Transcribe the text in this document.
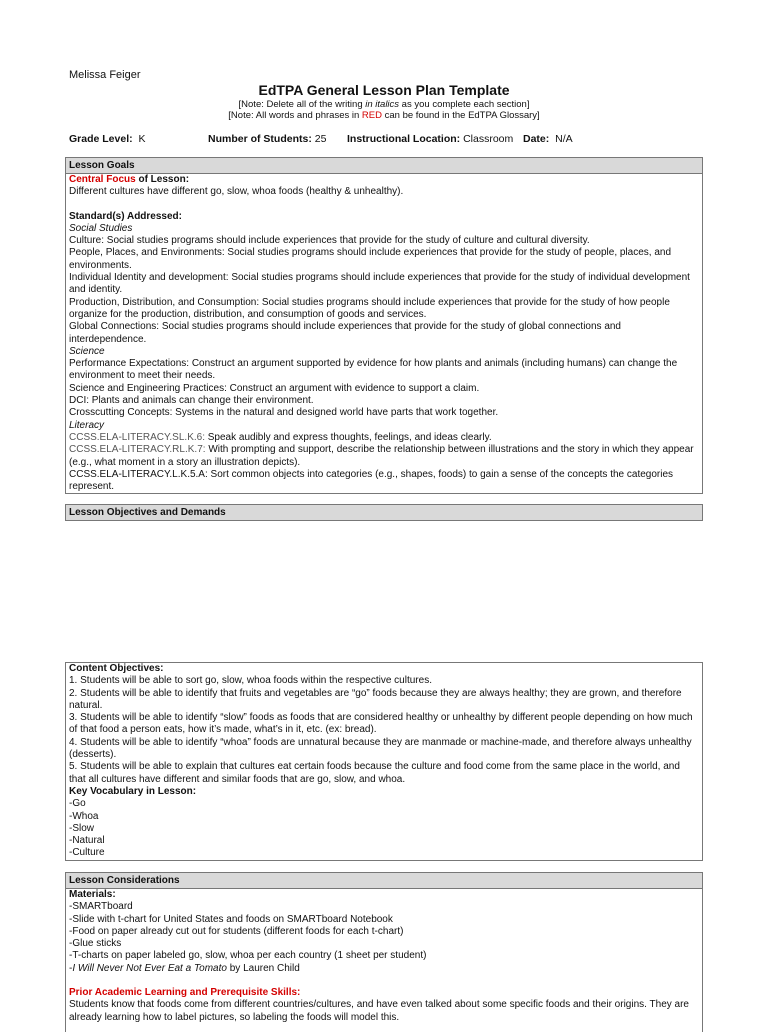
Melissa Feiger
EdTPA General Lesson Plan Template
[Note: Delete all of the writing in italics as you complete each section]
[Note: All words and phrases in RED can be found in the EdTPA Glossary]
Grade Level: K	Number of Students: 25 Instructional Location: Classroom Date: N/A
Lesson Goals

Central Focus of Lesson:

Different cultures have different go, slow, whoa foods (healthy & unhealthy).

Standard(s) Addressed:

Social Studies

Culture: Social studies programs should include experiences that provide for the study of culture and cultural diversity.

People, Places, and Environments: Social studies programs should include experiences that provide for the study of people, places, and environments.

Individual Identity and development: Social studies programs should include experiences that provide for the study of individual development and identity.

Production, Distribution, and Consumption: Social studies programs should include experiences that provide for the study of how people organize for the production, distribution, and consumption of goods and services.

Global Connections: Social studies programs should include experiences that provide for the study of global connections and interdependence.

Science

Performance Expectations: Construct an argument supported by evidence for how plants and animals (including humans) can change the environment to meet their needs.

Science and Engineering Practices: Construct an argument with evidence to support a claim.

DCI: Plants and animals can change their environment.

Crosscutting Concepts: Systems in the natural and designed world have parts that work together.

Literacy

CCSS.ELA-LITERACY.SL.K.6: Speak audibly and express thoughts, feelings, and ideas clearly.

CCSS.ELA-LITERACY.RL.K.7: With prompting and support, describe the relationship between illustrations and the story in which they appear (e.g., what moment in a story an illustration depicts).

CCSS.ELA-LITERACY.L.K.5.A: Sort common objects into categories (e.g., shapes, foods) to gain a sense of the concepts the categories represent.

Lesson Objectives and Demands

Content Objectives:

1. Students will be able to sort go, slow, whoa foods within the respective cultures.

2. Students will be able to identify that fruits and vegetables are “go” foods because they are always healthy; they are grown, and therefore natural.

3. Students will be able to identify “slow” foods as foods that are considered healthy or unhealthy by different people depending on how much of that food a person eats, how it’s made, what’s in it, etc. (ex: bread).

4. Students will be able to identify “whoa” foods are unnatural because they are manmade or machine-made, and therefore always unhealthy (desserts).

5. Students will be able to explain that cultures eat certain foods because the culture and food come from the same place in the world, and that all cultures have different and similar foods that are go, slow, and whoa.

Key Vocabulary in Lesson:

-Go

-Whoa

-Slow

-Natural

-Culture

Lesson Considerations

Materials:

-SMARTboard

-Slide with t-chart for United States and foods on SMARTboard Notebook

-Food on paper already cut out for students (different foods for each t-chart)

-Glue sticks

-T-charts on paper labeled go, slow, whoa per each country (1 sheet per student)

-I Will Never Not Ever Eat a Tomato by Lauren Child

Prior Academic Learning and Prerequisite Skills:

Students know that foods come from different countries/cultures, and have even talked about some specific foods and their origins. They are already learning how to label pictures, so labeling the foods will model this.
